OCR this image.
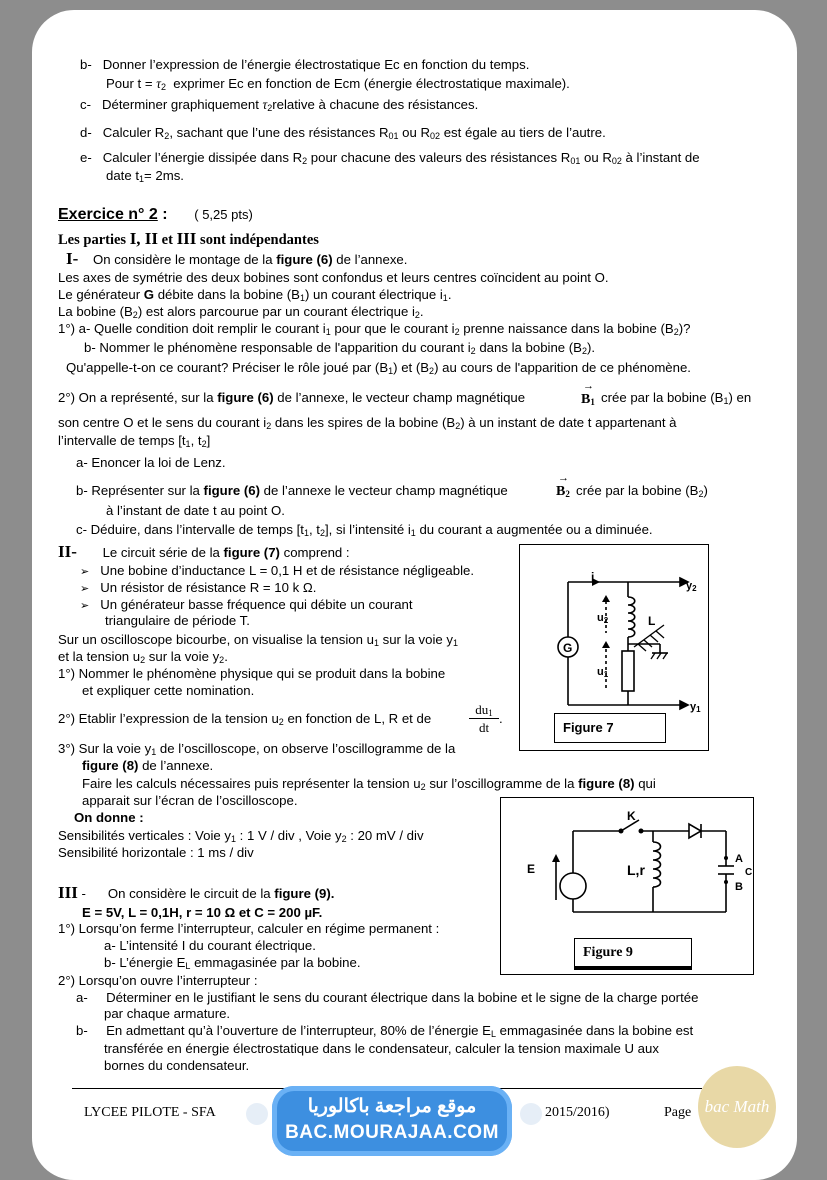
b- Donner l’expression de l’énergie électrostatique Ec en fonction du temps.
Pour $t = \tau_2$ exprimer Ec en fonction de Ecm (énergie électrostatique maximale).
c- Déterminer graphiquement $\tau_2relative$ à chacune des résistances.
d- Calculer $R_2$, sachant que l’une des résistances $R_{01}$ ou $R_{02}$ est égale au tiers de l’autre.
e- Calculer l’énergie dissipée dans $R_2$ pour chacune des valeurs des résistances $R_{01}$ ou $R_{02}$ à l’instant de
date $t_1= 2ms$.
Exercice n° 2 : ( 5,25 pts)
Les parties I, II et III sont indépendantes
I- On considère le montage de la figure (6) de l’annexe.
Les axes de symétrie des deux bobines sont confondus et leurs centres coïncident au point O.
Le générateur G débite dans la bobine $(B_1)$ un courant électrique $i_1$.
La bobine $(B_2)$ est alors parcourue par un courant électrique $i_2$.
1°) a- Quelle condition doit remplir le courant $i_1$ pour que le courant $i_2$ prenne naissance dans la bobine $(B_2)$?
b- Nommer le phénomène responsable de l'apparition du courant $i_2$ dans la bobine $(B_2)$.
Qu'appelle-t-on ce courant? Préciser le rôle joué par $(B_1)$ et $(B_2)$ au cours de l'apparition de ce phénomène.
2°) On a représenté, sur la figure (6) de l’annexe, le vecteur champ magnétique
→
$B_1$ crée par la bobine $(B_1)$ en
son centre O et le sens du courant $i_2$ dans les spires de la bobine $(B_2)$ à un instant de date t appartenant à
l’intervalle de temps [$t_1$, $t_2$]
a- Enoncer la loi de Lenz.
b- Représenter sur la figure (6) de l’annexe le vecteur champ magnétique
→
$B_2$ crée par la bobine $(B_2)$
à l’instant de date t au point O.
c- Déduire, dans l’intervalle de temps [$t_1$, $t_2$], si l’intensité $i_1$ du courant a augmentée ou a diminuée.
II- Le circuit série de la figure (7) comprend :
➢ Une bobine d’inductance L = 0,1 H et de résistance négligeable.
➢ Un résistor de résistance R = 10 k Ω.
➢ Un générateur basse fréquence qui débite un courant
triangulaire de période T.
Sur un oscilloscope bicourbe, on visualise la tension $u_1$ sur la voie $y_1$
et la tension $u_2$ sur la voie $y_2$.
1°) Nommer le phénomène physique qui se produit dans la bobine
et expliquer cette nomination.
2°) Etablir l’expression de la tension $u_2$ en fonction de L, R et de	$\frac{du_1}{dt}$ .
3°) Sur la voie $y_1$ de l’oscilloscope, on observe l’oscillogramme de la
figure (8) de l’annexe.
Faire les calculs nécessaires puis représenter la tension $u_2$ sur l’oscillogramme de la figure (8) qui
apparait sur l’écran de l’oscilloscope.
On donne :
Sensibilités verticales : Voie $y_1$ : 1 V / div , Voie $y_2$ : 20 mV / div
Sensibilité horizontale : 1 ms / div
III - On considère le circuit de la figure (9).
E = 5V, L = 0,1H, r = 10 Ω et C = 200 µF.
1°) Lorsqu’on ferme l’interrupteur, calculer en régime permanent :
a- L’intensité I du courant électrique.
b- L’énergie $E_L$ emmagasinée par la bobine.
2°) Lorsqu’on ouvre l’interrupteur :
a- Déterminer en le justifiant le sens du courant électrique dans la bobine et le signe de la charge portée
par chaque armature.
b- En admettant qu’à l’ouverture de l’interrupteur, 80% de l’énergie $E_L$ emmagasinée dans la bobine est
transférée en énergie électrostatique dans le condensateur, calculer la tension maximale U aux
bornes du condensateur.
G
i
y2
y1
u2
u1
L
Figure 7
K
E	L,r
A
C
B
Figure 9
LYCEE PILOTE - SFA	2015/2016)	Page
موقع مراجعة باكالوريا
BAC.MOURAJAA.COM
bac Math
